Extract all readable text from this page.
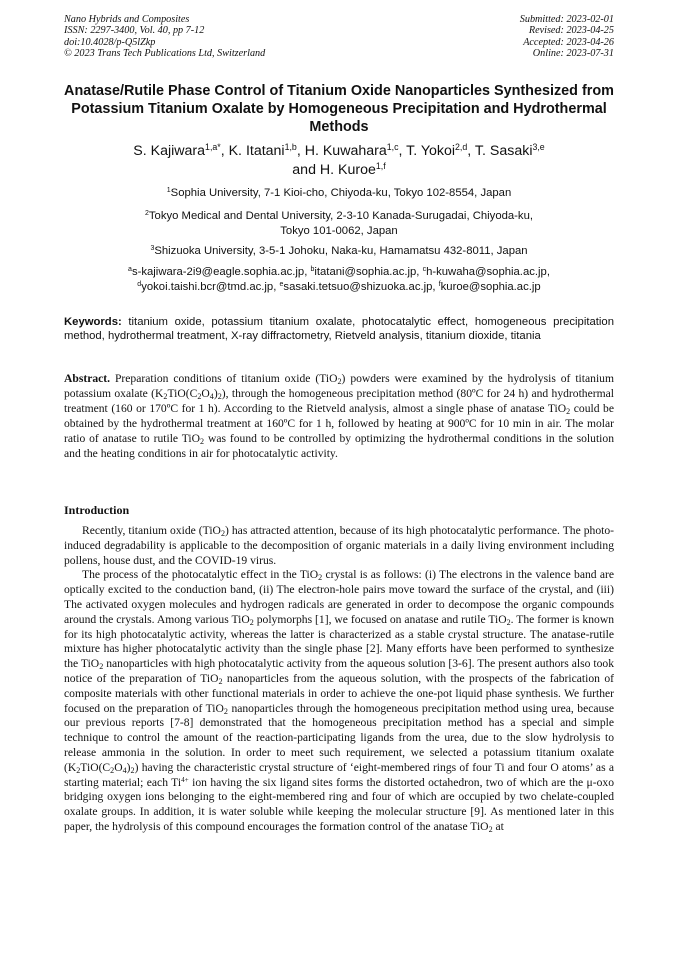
Nano Hybrids and Composites
ISSN: 2297-3400, Vol. 40, pp 7-12
doi:10.4028/p-Q5lZkp
© 2023 Trans Tech Publications Ltd, Switzerland
Submitted: 2023-02-01
Revised: 2023-04-25
Accepted: 2023-04-26
Online: 2023-07-31
Anatase/Rutile Phase Control of Titanium Oxide Nanoparticles Synthesized from Potassium Titanium Oxalate by Homogeneous Precipitation and Hydrothermal Methods
S. Kajiwara$^{1,a*}$, K. Itatani$^{1,b}$, H. Kuwahara$^{1,c}$, T. Yokoi$^{2,d}$, T. Sasaki$^{3,e}$
and H. Kuroe$^{1,f}$
$^1$Sophia University, 7-1 Kioi-cho, Chiyoda-ku, Tokyo 102-8554, Japan
$^2$Tokyo Medical and Dental University, 2-3-10 Kanada-Surugadai, Chiyoda-ku,
Tokyo 101-0062, Japan
$^3$Shizuoka University, 3-5-1 Johoku, Naka-ku, Hamamatsu 432-8011, Japan
$^a$s-kajiwara-2i9@eagle.sophia.ac.jp, $^b$itatani@sophia.ac.jp, $^c$h-kuwaha@sophia.ac.jp,
$^d$yokoi.taishi.bcr@tmd.ac.jp, $^e$sasaki.tetsuo@shizuoka.ac.jp, $^f$kuroe@sophia.ac.jp
Keywords: titanium oxide, potassium titanium oxalate, photocatalytic effect, homogeneous precipitation method, hydrothermal treatment, X-ray diffractometry, Rietveld analysis, titanium dioxide, titania
Abstract. Preparation conditions of titanium oxide (TiO$_2$) powders were examined by the hydrolysis of titanium potassium oxalate $(K_2TiO(C_2O_4)_2)$, through the homogeneous precipitation method (80ºC for 24 h) and hydrothermal treatment (160 or 170ºC for 1 h). According to the Rietveld analysis, almost a single phase of anatase TiO$_2$ could be obtained by the hydrothermal treatment at 160ºC for 1 h, followed by heating at 900ºC for 10 min in air. The molar ratio of anatase to rutile TiO$_2$ was found to be controlled by optimizing the hydrothermal conditions in the solution and the heating conditions in air for photocatalytic activity.
Introduction

Recently, titanium oxide (TiO$_2$) has attracted attention, because of its high photocatalytic performance. The photo-induced degradability is applicable to the decomposition of organic materials in a daily living environment including pollens, house dust, and the COVID-19 virus.

The process of the photocatalytic effect in the TiO$_2$ crystal is as follows: (i) The electrons in the valence band are optically excited to the conduction band, (ii) The electron-hole pairs move toward the surface of the crystal, and (iii) The activated oxygen molecules and hydrogen radicals are generated in order to decompose the organic compounds around the crystals. Among various TiO$_2$ polymorphs [1], we focused on anatase and rutile TiO$_2$. The former is known for its high photocatalytic activity, whereas the latter is characterized as a stable crystal structure. The anatase-rutile mixture has higher photocatalytic activity than the single phase [2]. Many efforts have been performed to synthesize the TiO$_2$ nanoparticles with high photocatalytic activity from the aqueous solution [3-6]. The present authors also took notice of the preparation of TiO$_2$ nanoparticles from the aqueous solution, with the prospects of the fabrication of composite materials with other functional materials in order to achieve the one-pot liquid phase synthesis. We further focused on the preparation of TiO$_2$ nanoparticles through the homogeneous precipitation method using urea, because our previous reports [7-8] demonstrated that the homogeneous precipitation method has a special and simple technique to control the amount of the reaction-participating ligands from the urea, due to the slow hydrolysis to release ammonia in the solution. In order to meet such requirement, we selected a potassium titanium oxalate $(K_2TiO(C_2O_4)_2)$ having the characteristic crystal structure of ‘eight-membered rings of four Ti and four O atoms’ as a starting material; each $Ti^{4+}$ ion having the six ligand sites forms the distorted octahedron, two of which are the μ-oxo bridging oxygen ions belonging to the eight-membered ring and four of which are occupied by two chelate-coupled oxalate groups. In addition, it is water soluble while keeping the molecular structure [9]. As mentioned later in this paper, the hydrolysis of this compound encourages the formation control of the anatase TiO$_2$ at
